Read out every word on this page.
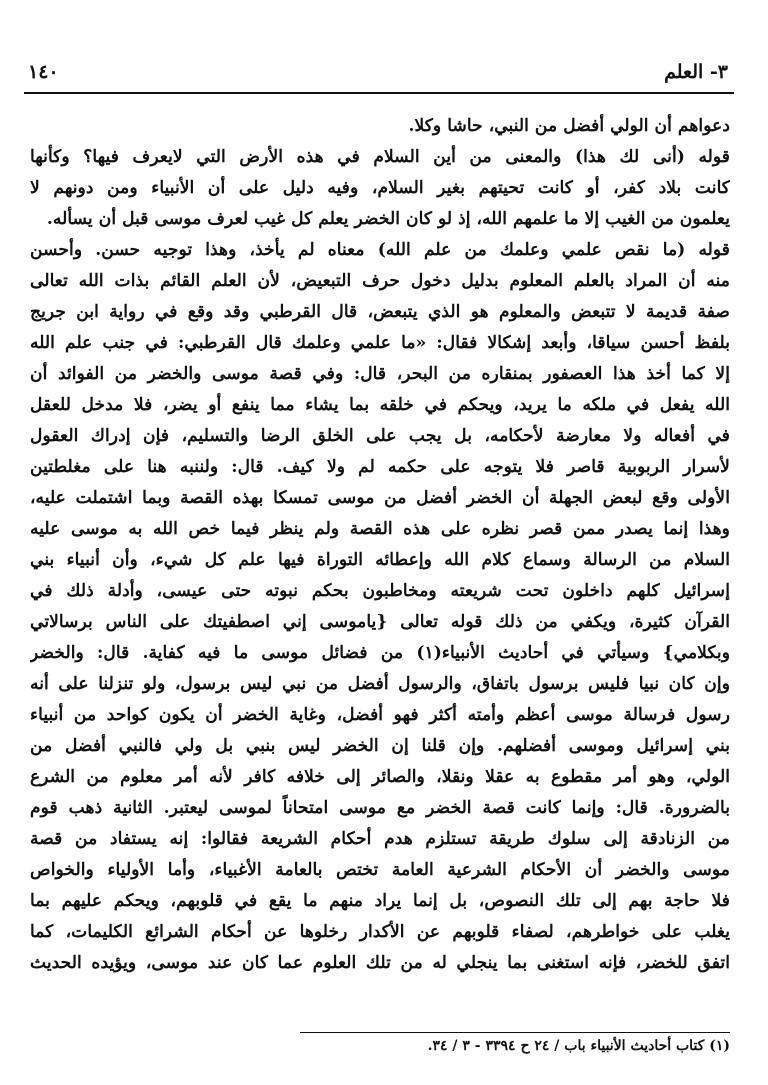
٣- العلم
١٤٠
دعواهم أن الولي أفضل من النبي، حاشا وكلا.
قوله (أنى لك هذا) والمعنى من أين السلام في هذه الأرض التي لايعرف فيها؟ وكأنها
كانت بلاد كفر، أو كانت تحيتهم بغير السلام، وفيه دليل على أن الأنبياء ومن دونهم لا
يعلمون من الغيب إلا ما علمهم الله، إذ لو كان الخضر يعلم كل غيب لعرف موسى قبل أن يسأله.
قوله (ما نقص علمي وعلمك من علم الله) معناه لم يأخذ، وهذا توجيه حسن. وأحسن
منه أن المراد بالعلم المعلوم بدليل دخول حرف التبعيض، لأن العلم القائم بذات الله تعالى
صفة قديمة لا تتبعض والمعلوم هو الذي يتبعض، قال القرطبي وقد وقع في رواية ابن جريج
بلفظ أحسن سياقا، وأبعد إشكالا فقال: «ما علمي وعلمك قال القرطبي: في جنب علم الله
إلا كما أخذ هذا العصفور بمنقاره من البحر، قال: وفي قصة موسى والخضر من الفوائد أن
الله يفعل في ملكه ما يريد، ويحكم في خلقه بما يشاء مما ينفع أو يضر، فلا مدخل للعقل
في أفعاله ولا معارضة لأحكامه، بل يجب على الخلق الرضا والتسليم، فإن إدراك العقول
لأسرار الربوبية قاصر فلا يتوجه على حكمه لم ولا كيف. قال: ولننبه هنا على مغلطتين
الأولى وقع لبعض الجهلة أن الخضر أفضل من موسى تمسكا بهذه القصة وبما اشتملت عليه،
وهذا إنما يصدر ممن قصر نظره على هذه القصة ولم ينظر فيما خص الله به موسى عليه
السلام من الرسالة وسماع كلام الله وإعطائه التوراة فيها علم كل شيء، وأن أنبياء بني
إسرائيل كلهم داخلون تحت شريعته ومخاطبون بحكم نبوته حتى عيسى، وأدلة ذلك في
القرآن كثيرة، ويكفي من ذلك قوله تعالى {ياموسى إني اصطفيتك على الناس برسالاتي
وبكلامي} وسيأتي في أحاديث الأنبياء(١) من فضائل موسى ما فيه كفاية. قال: والخضر
وإن كان نبيا فليس برسول باتفاق، والرسول أفضل من نبي ليس برسول، ولو تنزلنا على أنه
رسول فرسالة موسى أعظم وأمته أكثر فهو أفضل، وغاية الخضر أن يكون كواحد من أنبياء
بني إسرائيل وموسى أفضلهم. وإن قلنا إن الخضر ليس بنبي بل ولي فالنبي أفضل من
الولي، وهو أمر مقطوع به عقلا ونقلا، والصائر إلى خلافه كافر لأنه أمر معلوم من الشرع
بالضرورة. قال: وإنما كانت قصة الخضر مع موسى امتحاناً لموسى ليعتبر. الثانية ذهب قوم
من الزنادقة إلى سلوك طريقة تستلزم هدم أحكام الشريعة فقالوا: إنه يستفاد من قصة
موسى والخضر أن الأحكام الشرعية العامة تختص بالعامة الأغبياء، وأما الأولياء والخواص
فلا حاجة بهم إلى تلك النصوص، بل إنما يراد منهم ما يقع في قلوبهم، ويحكم عليهم بما
يغلب على خواطرهم، لصفاء قلوبهم عن الأكدار رخلوها عن أحكام الشرائع الكليمات، كما
اتفق للخضر، فإنه استغنى بما ينجلي له من تلك العلوم عما كان عند موسى، ويؤيده الحديث
(١) كتاب أحاديث الأنبياء باب / ٢٤ ح ٣٣٩٤ - ٣ / ٣٤.
